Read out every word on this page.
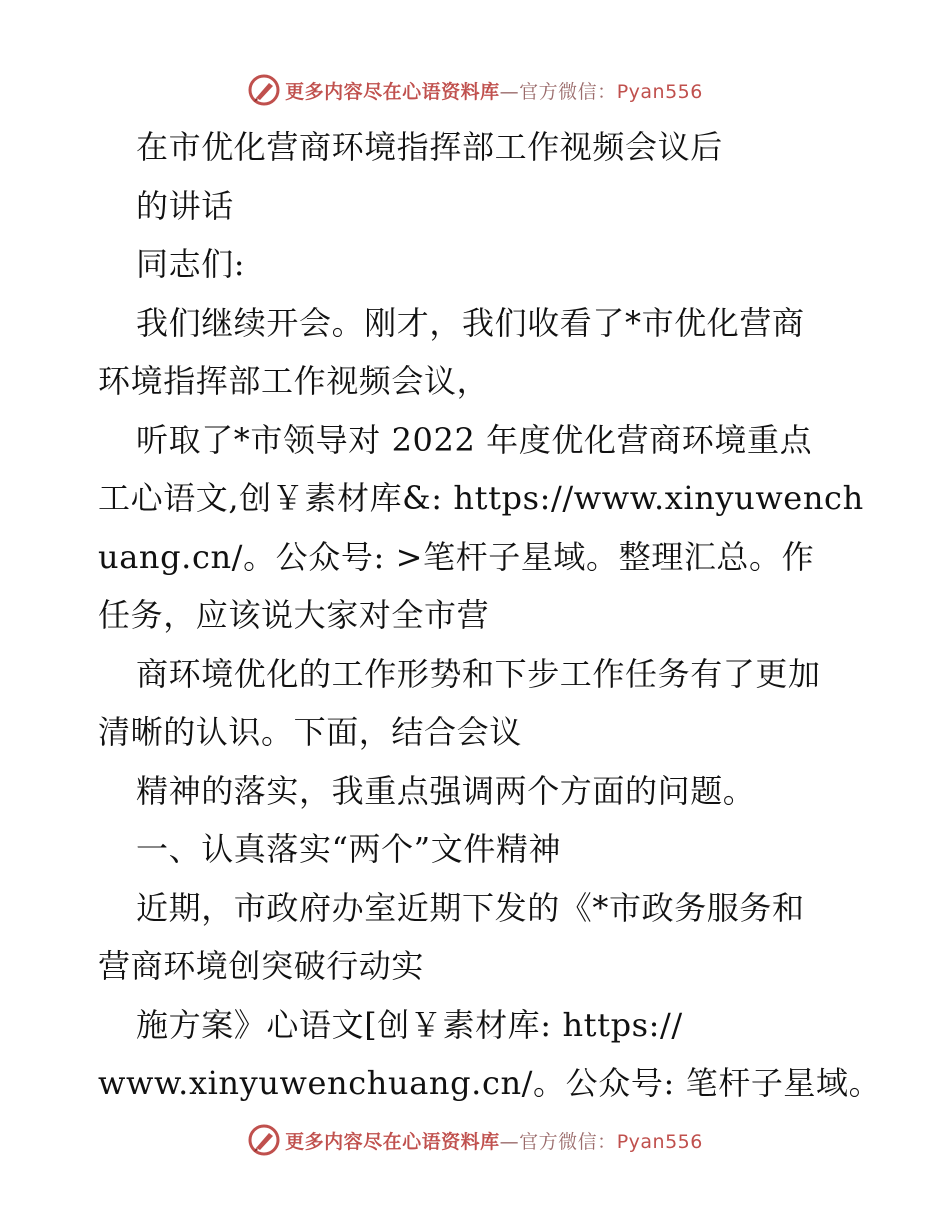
更多内容尽在心语资料库—官方微信：Pyan556
在市优化营商环境指挥部工作视频会议后
的讲话
同志们:
我们继续开会。刚才，我们收看了*市优化营商
环境指挥部工作视频会议，
听取了*市领导对 2022 年度优化营商环境重点
工心语文,创￥素材库&: https://www.xinyuwench
uang.cn/。公众号: >笔杆子星域。整理汇总。作
任务，应该说大家对全市营
商环境优化的工作形势和下步工作任务有了更加
清晰的认识。下面，结合会议
精神的落实，我重点强调两个方面的问题。
一、认真落实“两个”文件精神
近期，市政府办室近期下发的《*市政务服务和
营商环境创突破行动实
施方案》心语文[创￥素材库: https://
www.xinyuwenchuang.cn/。公众号: 笔杆子星域。
更多内容尽在心语资料库—官方微信：Pyan556
